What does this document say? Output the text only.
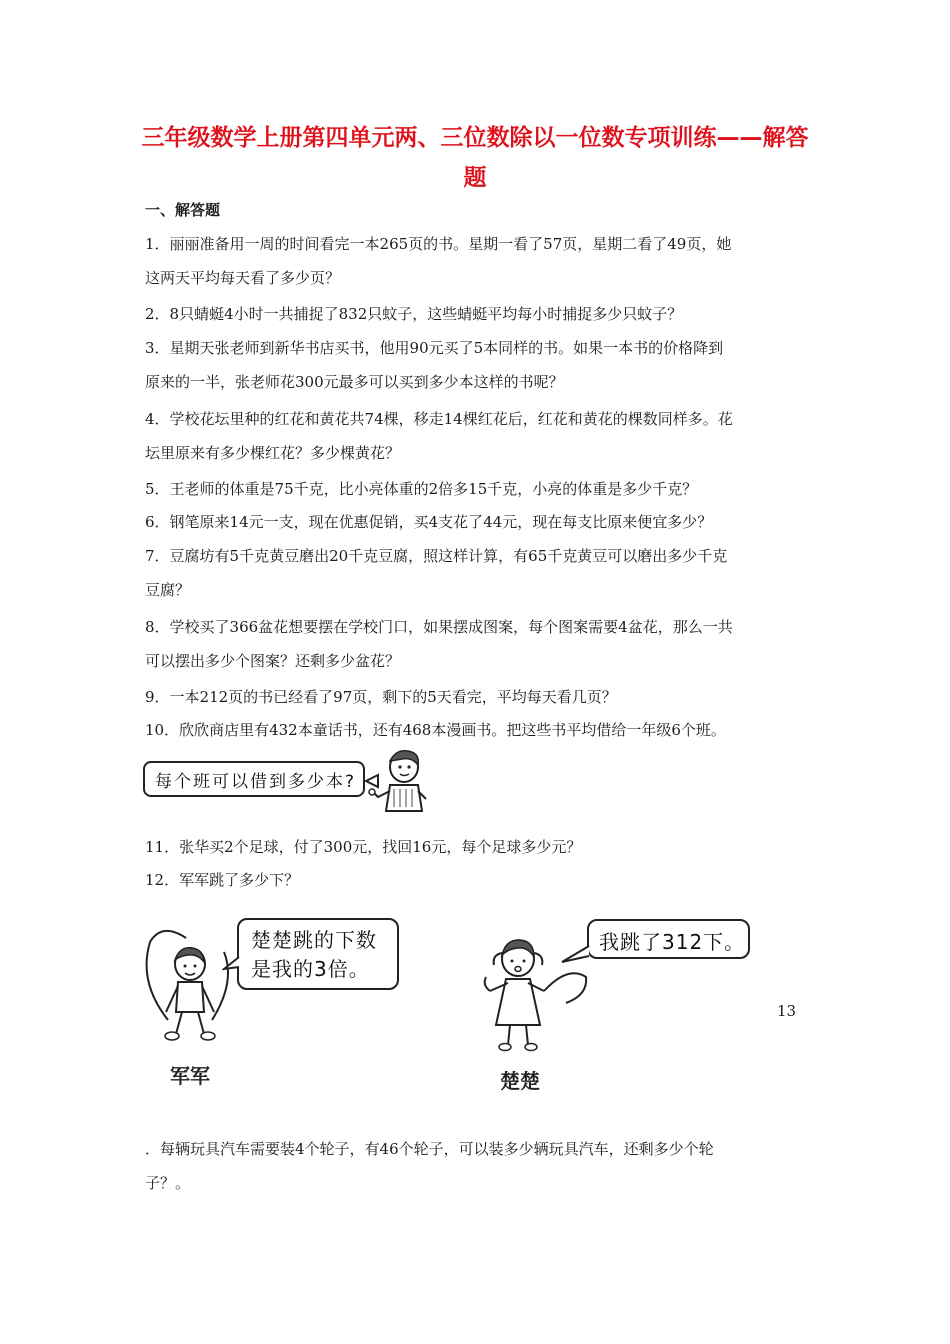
三年级数学上册第四单元两、三位数除以一位数专项训练——解答
题
一、解答题
1．丽丽准备用一周的时间看完一本265页的书。星期一看了57页，星期二看了49页，她
这两天平均每天看了多少页？
2．8只蜻蜓4小时一共捕捉了832只蚊子，这些蜻蜓平均每小时捕捉多少只蚊子？
3．星期天张老师到新华书店买书，他用90元买了5本同样的书。如果一本书的价格降到
原来的一半，张老师花300元最多可以买到多少本这样的书呢？
4．学校花坛里种的红花和黄花共74棵，移走14棵红花后，红花和黄花的棵数同样多。花
坛里原来有多少棵红花？多少棵黄花？
5．王老师的体重是75千克，比小亮体重的2倍多15千克，小亮的体重是多少千克？
6．钢笔原来14元一支，现在优惠促销，买4支花了44元，现在每支比原来便宜多少？
7．豆腐坊有5千克黄豆磨出20千克豆腐，照这样计算，有65千克黄豆可以磨出多少千克
豆腐？
8．学校买了366盆花想要摆在学校门口，如果摆成图案，每个图案需要4盆花，那么一共
可以摆出多少个图案？还剩多少盆花？
9．一本212页的书已经看了97页，剩下的5天看完，平均每天看几页？
10．欣欣商店里有432本童话书，还有468本漫画书。把这些书平均借给一年级6个班。
每个班可以借到多少本?
11．张华买2个足球，付了300元，找回16元，每个足球多少元？
12．军军跳了多少下？
楚楚跳的下数
是我的3倍。
军军
我跳了312下。
楚楚
13
．每辆玩具汽车需要装4个轮子，有46个轮子，可以装多少辆玩具汽车，还剩多少个轮
子？。
